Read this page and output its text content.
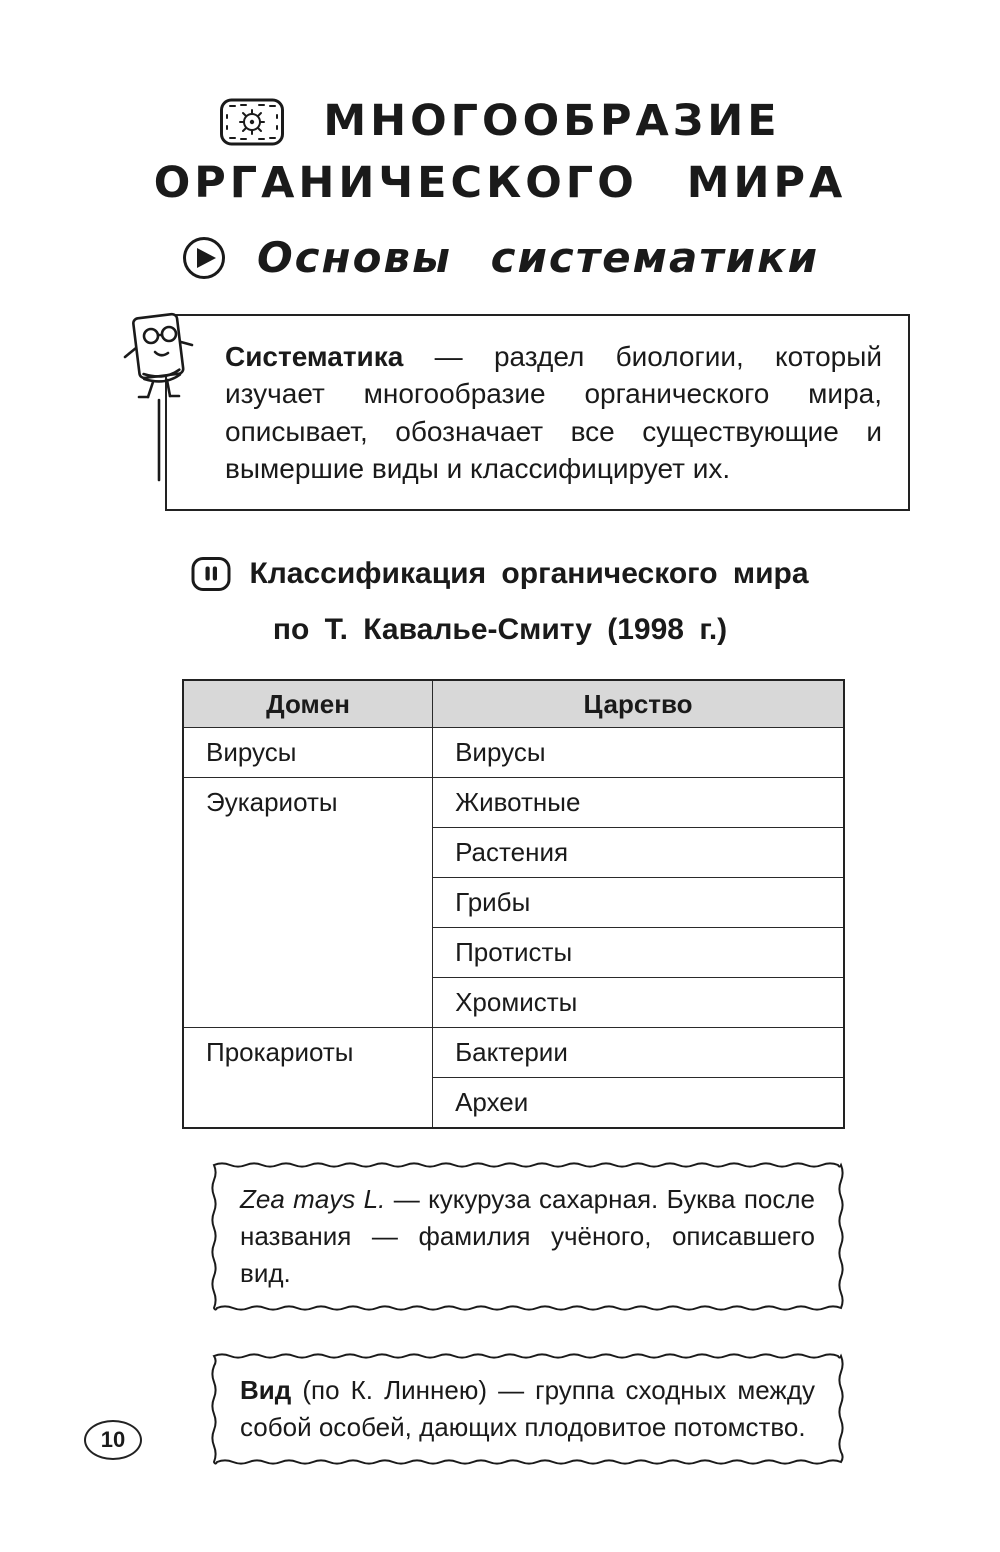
МНОГООБРАЗИЕ
ОРГАНИЧЕСКОГО МИРА
Основы систематики

Систематика — раздел биологии, который изучает многообразие органического мира, описывает, обозначает все существующие и вымершие виды и классифицирует их.

Классификация органического мира

по Т. Кавалье-Смиту (1998 г.)
Домен	Царство
Вирусы	Вирусы
Эукариоты	Животные
	Растения
	Грибы
	Протисты
	Хромисты
Прокариоты	Бактерии
	Археи

Zea mays L. — кукуруза сахарная. Буква после названия — фамилия учёного, описавшего вид.

Вид (по К. Линнею) — группа сходных между собой особей, дающих плодовитое потомство.

10
